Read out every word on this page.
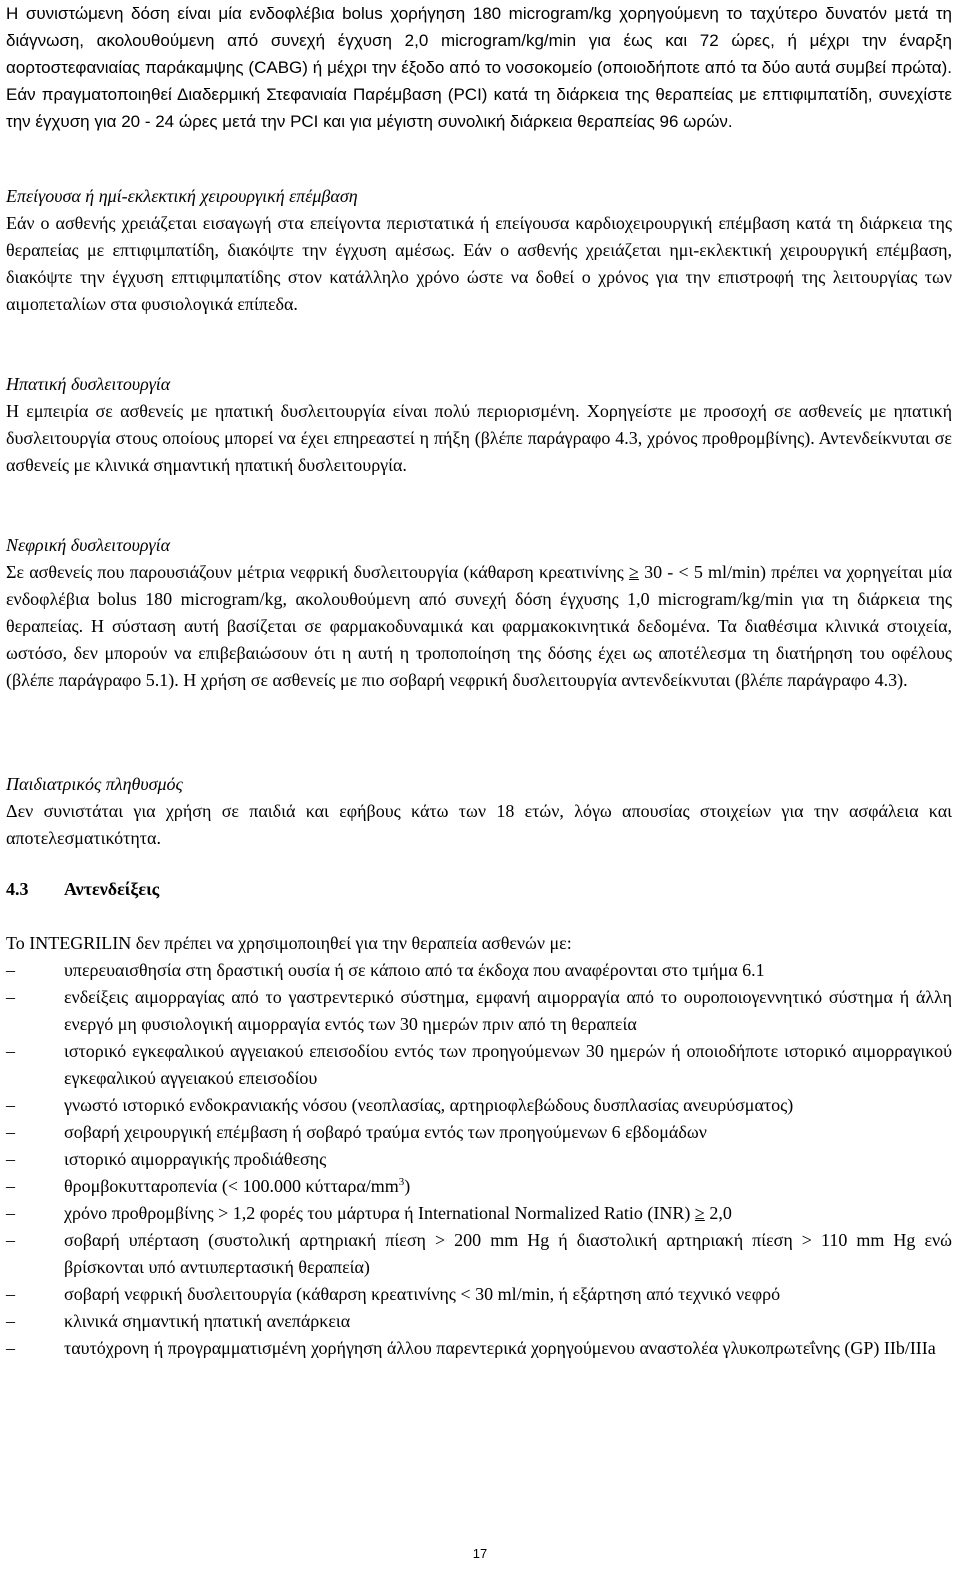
Η συνιστώμενη δόση είναι μία ενδοφλέβια bolus χορήγηση 180 microgram/kg χορηγούμενη το ταχύτερο δυνατόν μετά τη διάγνωση, ακολουθούμενη από συνεχή έγχυση 2,0 microgram/kg/min για έως και 72 ώρες, ή μέχρι την έναρξη αορτοστεφανιαίας παράκαμψης (CABG) ή μέχρι την έξοδο από το νοσοκομείο (οποιοδήποτε από τα δύο αυτά συμβεί πρώτα). Εάν πραγματοποιηθεί Διαδερμική Στεφανιαία Παρέμβαση (PCI) κατά τη διάρκεια της θεραπείας με επτιφιμπατίδη, συνεχίστε την έγχυση για 20 - 24 ώρες μετά την PCI και για μέγιστη συνολική διάρκεια θεραπείας 96 ωρών.

Επείγουσα ή ημί-εκλεκτική χειρουργική επέμβαση

Εάν ο ασθενής χρειάζεται εισαγωγή στα επείγοντα περιστατικά ή επείγουσα καρδιοχειρουργική επέμβαση κατά τη διάρκεια της θεραπείας με επτιφιμπατίδη, διακόψτε την έγχυση αμέσως. Εάν ο ασθενής χρειάζεται ημι-εκλεκτική χειρουργική επέμβαση, διακόψτε την έγχυση επτιφιμπατίδης στον κατάλληλο χρόνο ώστε να δοθεί ο χρόνος για την επιστροφή της λειτουργίας των αιμοπεταλίων στα φυσιολογικά επίπεδα.

Ηπατική δυσλειτουργία

Η εμπειρία σε ασθενείς με ηπατική δυσλειτουργία είναι πολύ περιορισμένη. Χορηγείστε με προσοχή σε ασθενείς με ηπατική δυσλειτουργία στους οποίους μπορεί να έχει επηρεαστεί η πήξη (βλέπε παράγραφο 4.3, χρόνος προθρομβίνης). Αντενδείκνυται σε ασθενείς με κλινικά σημαντική ηπατική δυσλειτουργία.

Νεφρική δυσλειτουργία

Σε ασθενείς που παρουσιάζουν μέτρια νεφρική δυσλειτουργία (κάθαρση κρεατινίνης ≥ 30 - < 5 ml/min) πρέπει να χορηγείται μία ενδοφλέβια bolus 180 microgram/kg, ακολουθούμενη από συνεχή δόση έγχυσης 1,0 microgram/kg/min για τη διάρκεια της θεραπείας. Η σύσταση αυτή βασίζεται σε φαρμακοδυναμικά και φαρμακοκινητικά δεδομένα. Τα διαθέσιμα κλινικά στοιχεία, ωστόσο, δεν μπορούν να επιβεβαιώσουν ότι η αυτή η τροποποίηση της δόσης έχει ως αποτέλεσμα τη διατήρηση του οφέλους (βλέπε παράγραφο 5.1). Η χρήση σε ασθενείς με πιο σοβαρή νεφρική δυσλειτουργία αντενδείκνυται (βλέπε παράγραφο 4.3).

Παιδιατρικός πληθυσμός

Δεν συνιστάται για χρήση σε παιδιά και εφήβους κάτω των 18 ετών, λόγω απουσίας στοιχείων για την ασφάλεια και αποτελεσματικότητα.

4.3 Αντενδείξεις

Το INTEGRILIN δεν πρέπει να χρησιμοποιηθεί για την θεραπεία ασθενών με:

–	υπερευαισθησία στη δραστική ουσία ή σε κάποιο από τα έκδοχα που αναφέρονται στο τμήμα 6.1
–	ενδείξεις αιμορραγίας από το γαστρεντερικό σύστημα, εμφανή αιμορραγία από το ουροποιογεννητικό σύστημα ή άλλη ενεργό μη φυσιολογική αιμορραγία εντός των 30 ημερών πριν από τη θεραπεία
–	ιστορικό εγκεφαλικού αγγειακού επεισοδίου εντός των προηγούμενων 30 ημερών ή οποιοδήποτε ιστορικό αιμορραγικού εγκεφαλικού αγγειακού επεισοδίου
–	γνωστό ιστορικό ενδοκρανιακής νόσου (νεοπλασίας, αρτηριοφλεβώδους δυσπλασίας ανευρύσματος)
–	σοβαρή χειρουργική επέμβαση ή σοβαρό τραύμα εντός των προηγούμενων 6 εβδομάδων
–	ιστορικό αιμορραγικής προδιάθεσης
–	θρομβοκυτταροπενία (< 100.000 κύτταρα/$mm^3$)
–	χρόνο προθρομβίνης > 1,2 φορές του μάρτυρα ή International Normalized Ratio (INR) ≥ 2,0
–	σοβαρή υπέρταση (συστολική αρτηριακή πίεση > 200 mm Hg ή διαστολική αρτηριακή πίεση > 110 mm Hg ενώ βρίσκονται υπό αντιυπερτασική θεραπεία)
–	σοβαρή νεφρική δυσλειτουργία (κάθαρση κρεατινίνης < 30 ml/min, ή εξάρτηση από τεχνικό νεφρό
–	κλινικά σημαντική ηπατική ανεπάρκεια
–	ταυτόχρονη ή προγραμματισμένη χορήγηση άλλου παρεντερικά χορηγούμενου αναστολέα γλυκοπρωτεΐνης (GP) IIb/IIIa
17
